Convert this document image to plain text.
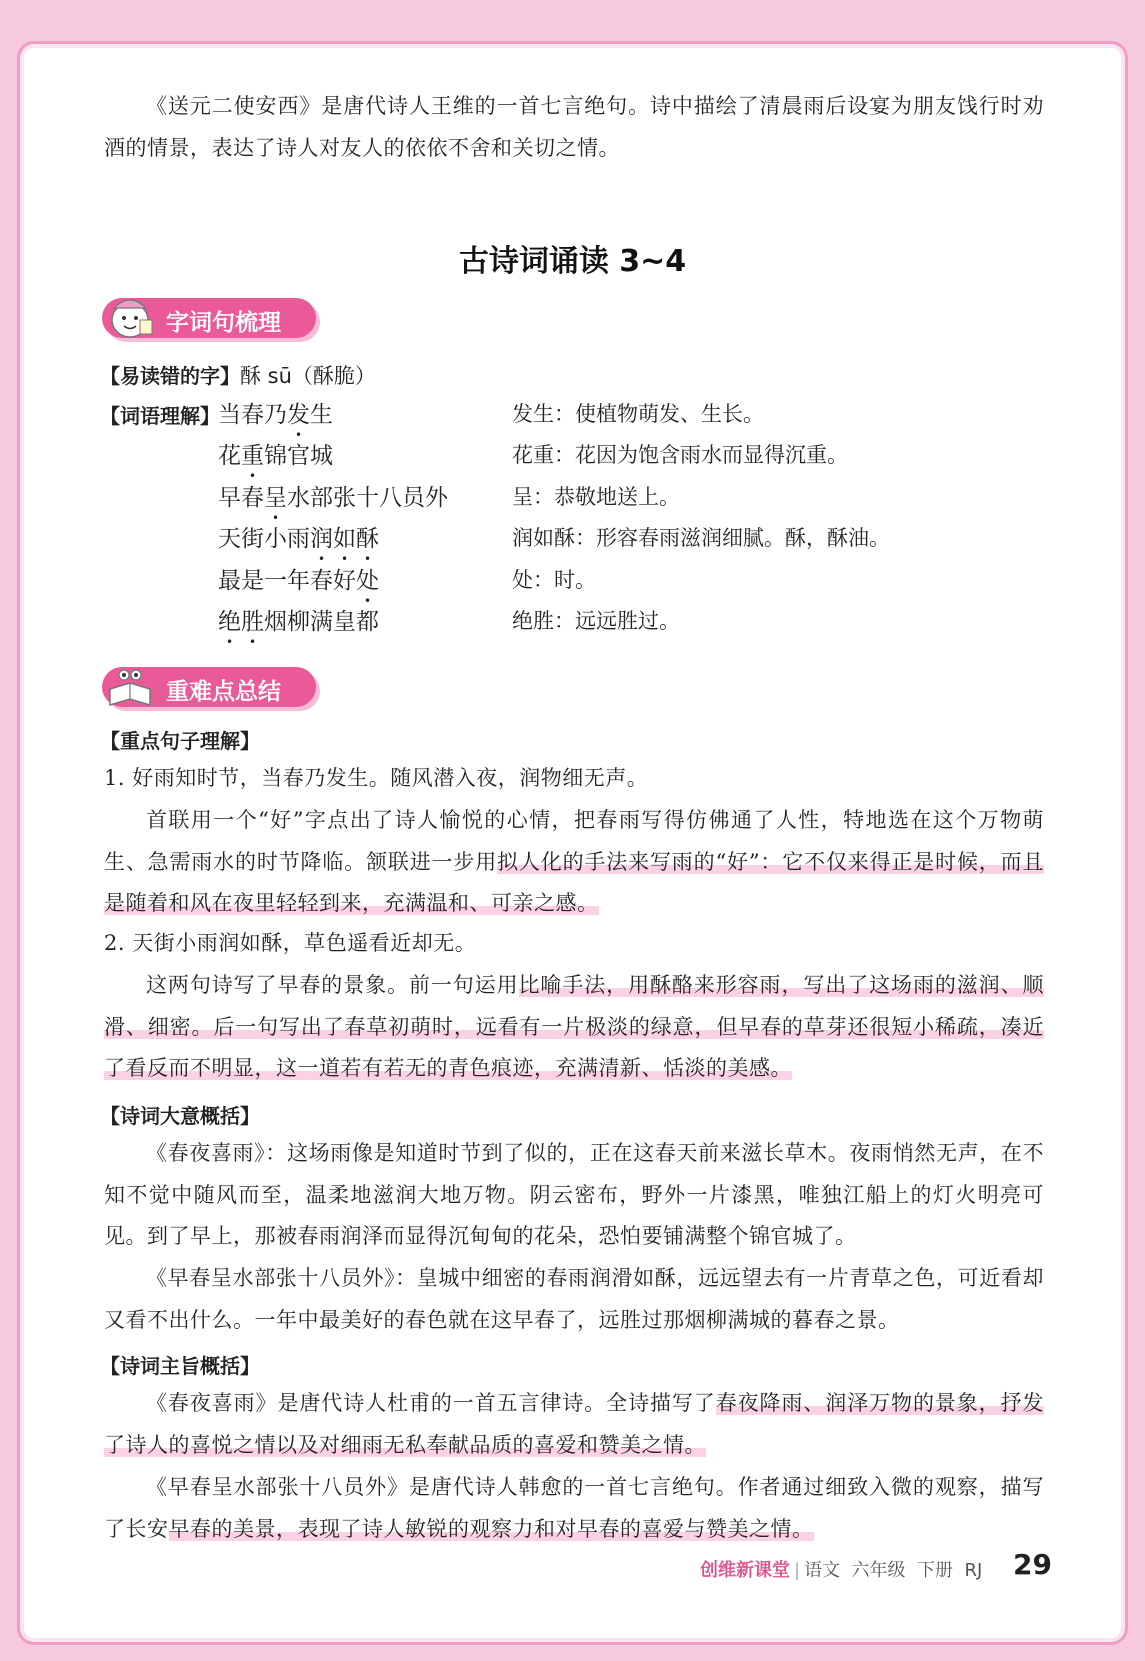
《送元二使安西》是唐代诗人王维的一首七言绝句。诗中描绘了清晨雨后设宴为朋友饯行时劝酒的情景，表达了诗人对友人的依依不舍和关切之情。

古诗词诵读 3~4
字词句梳理
【易读错的字】酥 sū（酥脆）
【词语理解】
当春乃发生	发生：使植物萌发、生长。
花重锦官城	花重：花因为饱含雨水而显得沉重。
早春呈水部张十八员外	呈：恭敬地送上。
天街小雨润如酥	润如酥：形容春雨滋润细腻。酥，酥油。
最是一年春好处	处：时。
绝胜烟柳满皇都	绝胜：远远胜过。
重难点总结
【重点句子理解】

1. 好雨知时节，当春乃发生。随风潜入夜，润物细无声。

首联用一个“好”字点出了诗人愉悦的心情，把春雨写得仿佛通了人性，特地选在这个万物萌生、急需雨水的时节降临。颔联进一步用拟人化的手法来写雨的“好”：它不仅来得正是时候，而且是随着和风在夜里轻轻到来，充满温和、可亲之感。

2. 天街小雨润如酥，草色遥看近却无。

这两句诗写了早春的景象。前一句运用比喻手法，用酥酪来形容雨，写出了这场雨的滋润、顺滑、细密。后一句写出了春草初萌时，远看有一片极淡的绿意，但早春的草芽还很短小稀疏，凑近了看反而不明显，这一道若有若无的青色痕迹，充满清新、恬淡的美感。

【诗词大意概括】

《春夜喜雨》：这场雨像是知道时节到了似的，正在这春天前来滋长草木。夜雨悄然无声，在不知不觉中随风而至，温柔地滋润大地万物。阴云密布，野外一片漆黑，唯独江船上的灯火明亮可见。到了早上，那被春雨润泽而显得沉甸甸的花朵，恐怕要铺满整个锦官城了。

《早春呈水部张十八员外》：皇城中细密的春雨润滑如酥，远远望去有一片青草之色，可近看却又看不出什么。一年中最美好的春色就在这早春了，远胜过那烟柳满城的暮春之景。

【诗词主旨概括】

《春夜喜雨》是唐代诗人杜甫的一首五言律诗。全诗描写了春夜降雨、润泽万物的景象，抒发了诗人的喜悦之情以及对细雨无私奉献品质的喜爱和赞美之情。

《早春呈水部张十八员外》是唐代诗人韩愈的一首七言绝句。作者通过细致入微的观察，描写了长安早春的美景，表现了诗人敏锐的观察力和对早春的喜爱与赞美之情。

创维新课堂 | 语文 六年级 下册 RJ 29
